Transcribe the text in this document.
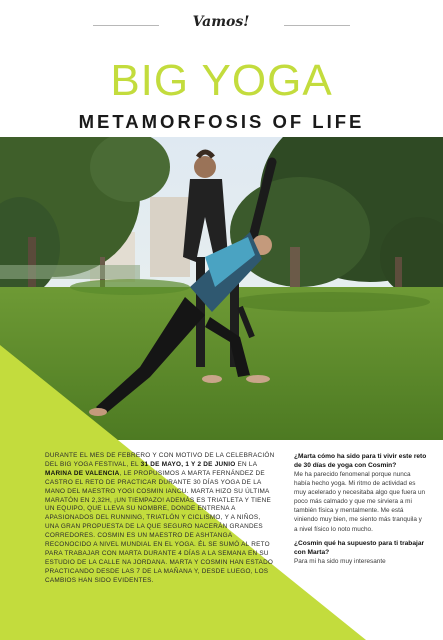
Vamos!
BIG YOGA
METAMORFOSIS OF LIFE
DURANTE EL MES DE FEBRERO Y CON MOTIVO DE LA CELEBRACIÓN DEL BIG YOGA FESTIVAL, EL 31 DE MAYO, 1 Y 2 DE JUNIO EN LA MARINA DE VALENCIA, LE PROPUSIMOS A MARTA FERNÁNDEZ DE CASTRO EL RETO DE PRACTICAR DURANTE 30 DÍAS YOGA DE LA MANO DEL MAESTRO YOGI COSMIN IANCU. MARTA HIZO SU ÚLTIMA MARATÓN EN 2,32H, ¡UN TIEMPAZO! ADEMÁS ES TRIATLETA Y TIENE UN EQUIPO, QUE LLEVA SU NOMBRE, DONDE ENTRENA A APASIONADOS DEL RUNNING, TRIATLÓN Y CICLISMO, Y A NIÑOS, UNA GRAN PROPUESTA DE LA QUE SEGURO NACERÁN GRANDES CORREDORES. COSMIN ES UN MAESTRO DE ASHTANGA RECONOCIDO A NIVEL MUNDIAL EN EL YOGA. ÉL SE SUMÓ AL RETO PARA TRABAJAR CON MARTA DURANTE 4 DÍAS A LA SEMANA EN SU ESTUDIO DE LA CALLE NA JORDANA. MARTA Y COSMIN HAN ESTADO PRACTICANDO DESDE LAS 7 DE LA MAÑANA Y, DESDE LUEGO, LOS CAMBIOS HAN SIDO EVIDENTES.

¿Marta cómo ha sido para ti vivir este reto de 30 días de yoga con Cosmin?

Me ha parecido fenomenal porque nunca había hecho yoga. Mi ritmo de actividad es muy acelerado y necesitaba algo que fuera un poco más calmado y que me sirviera a mi también física y mentalmente. Me está viniendo muy bien, me siento más tranquila y a nivel físico lo noto mucho.

¿Cosmin qué ha supuesto para ti trabajar con Marta?

Para mi ha sido muy interesante
